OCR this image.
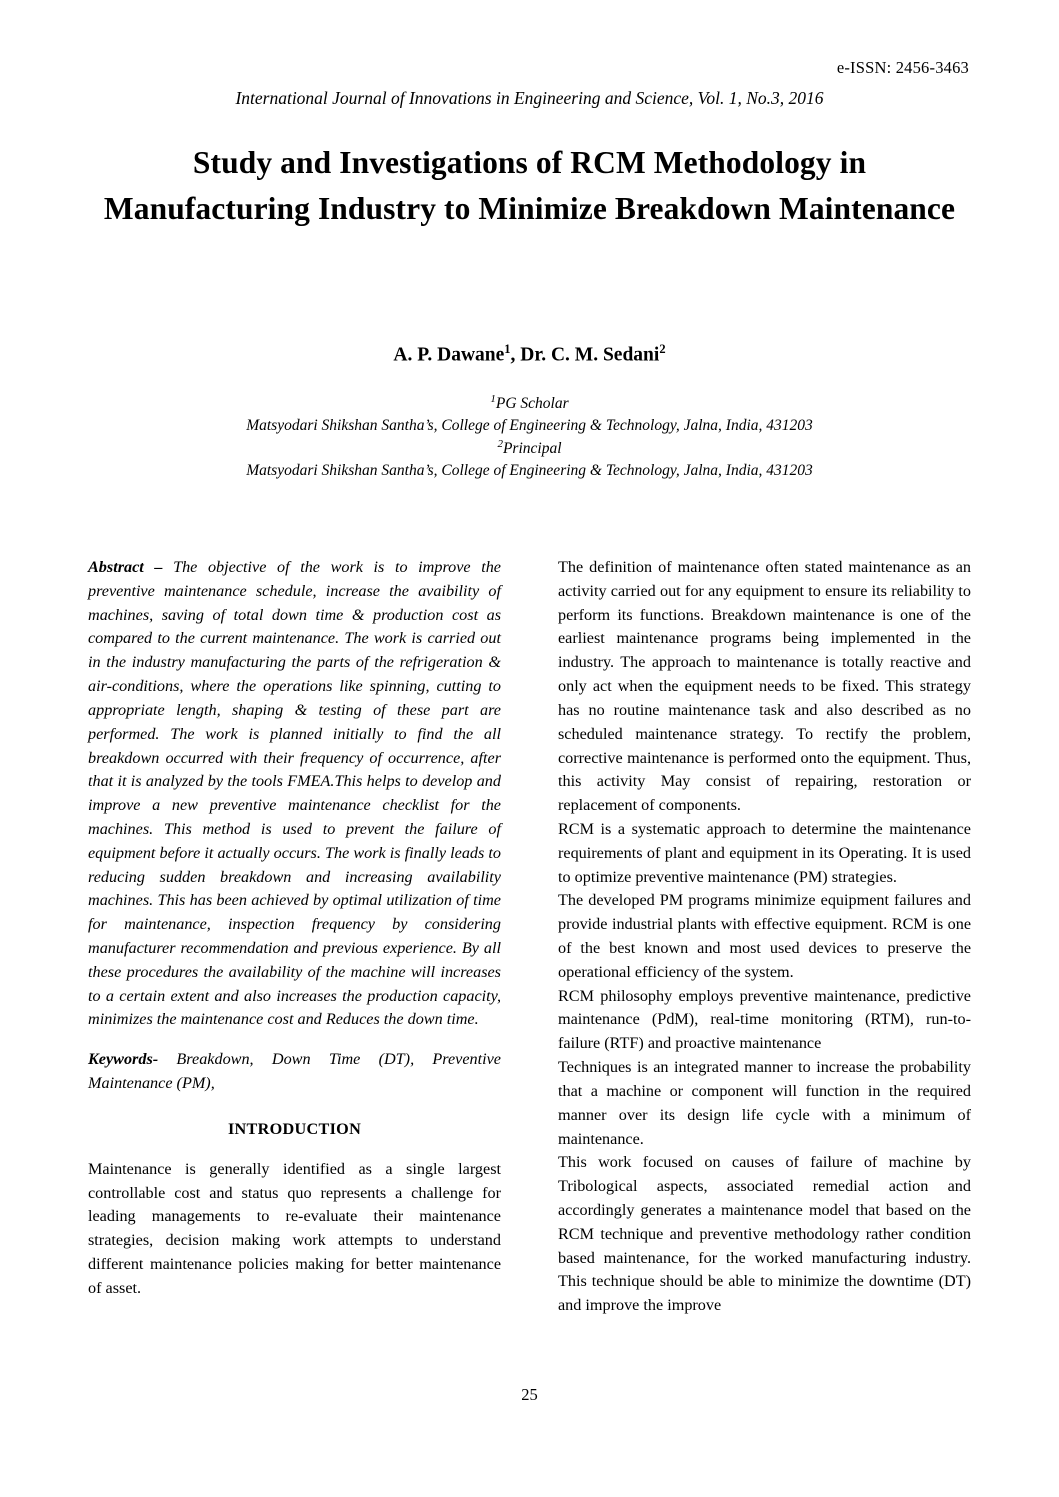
e-ISSN: 2456-3463
International Journal of Innovations in Engineering and Science, Vol. 1, No.3, 2016
Study and Investigations of RCM Methodology in Manufacturing Industry to Minimize Breakdown Maintenance
A. P. Dawane$^1$, Dr. C. M. Sedani$^2$
$^1$PG Scholar
Matsyodari Shikshan Santha’s, College of Engineering & Technology, Jalna, India, 431203
$^2$Principal
Matsyodari Shikshan Santha’s, College of Engineering & Technology, Jalna, India, 431203

Abstract – The objective of the work is to improve the preventive maintenance schedule, increase the avaibility of machines, saving of total down time & production cost as compared to the current maintenance. The work is carried out in the industry manufacturing the parts of the refrigeration & air-conditions, where the operations like spinning, cutting to appropriate length, shaping & testing of these part are performed. The work is planned initially to find the all breakdown occurred with their frequency of occurrence, after that it is analyzed by the tools FMEA.This helps to develop and improve a new preventive maintenance checklist for the machines. This method is used to prevent the failure of equipment before it actually occurs. The work is finally leads to reducing sudden breakdown and increasing availability machines. This has been achieved by optimal utilization of time for maintenance, inspection frequency by considering manufacturer recommendation and previous experience. By all these procedures the availability of the machine will increases to a certain extent and also increases the production capacity, minimizes the maintenance cost and Reduces the down time.

Keywords- Breakdown, Down Time (DT), Preventive Maintenance (PM),

INTRODUCTION

Maintenance is generally identified as a single largest controllable cost and status quo represents a challenge for leading managements to re-evaluate their maintenance strategies, decision making work attempts to understand different maintenance policies making for better maintenance of asset.

The definition of maintenance often stated maintenance as an activity carried out for any equipment to ensure its reliability to perform its functions. Breakdown maintenance is one of the earliest maintenance programs being implemented in the industry. The approach to maintenance is totally reactive and only act when the equipment needs to be fixed. This strategy has no routine maintenance task and also described as no scheduled maintenance strategy. To rectify the problem, corrective maintenance is performed onto the equipment. Thus, this activity May consist of repairing, restoration or replacement of components.

RCM is a systematic approach to determine the maintenance requirements of plant and equipment in its Operating. It is used to optimize preventive maintenance (PM) strategies.

The developed PM programs minimize equipment failures and provide industrial plants with effective equipment. RCM is one of the best known and most used devices to preserve the operational efficiency of the system.

RCM philosophy employs preventive maintenance, predictive maintenance (PdM), real-time monitoring (RTM), run-to-failure (RTF) and proactive maintenance

Techniques is an integrated manner to increase the probability that a machine or component will function in the required manner over its design life cycle with a minimum of maintenance.

This work focused on causes of failure of machine by Tribological aspects, associated remedial action and accordingly generates a maintenance model that based on the RCM technique and preventive methodology rather condition based maintenance, for the worked manufacturing industry. This technique should be able to minimize the downtime (DT) and improve the improve

25
